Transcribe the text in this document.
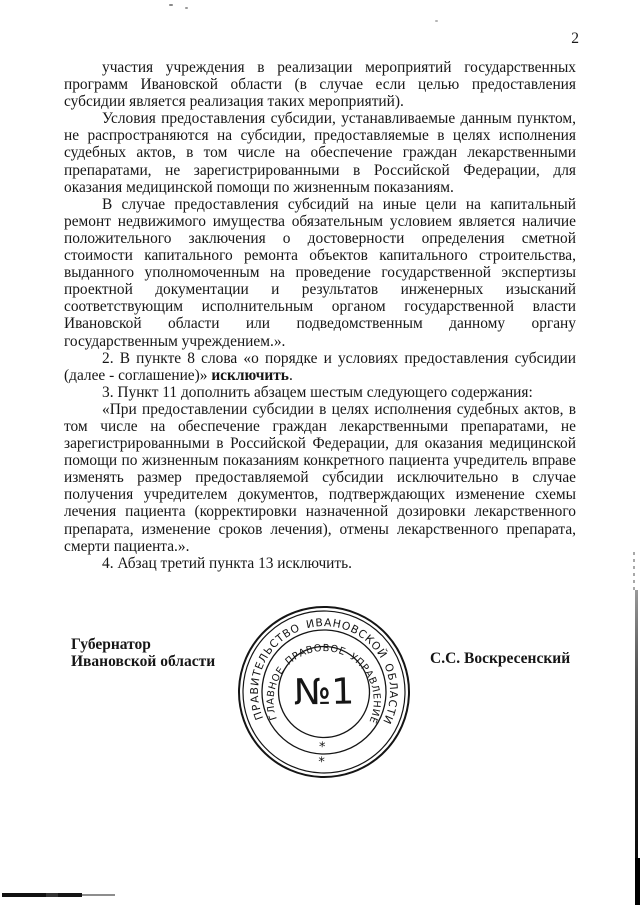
2

участия учреждения в реализации мероприятий государственных программ Ивановской области (в случае если целью предоставления субсидии является реализация таких мероприятий).

Условия предоставления субсидии, устанавливаемые данным пунктом, не распространяются на субсидии, предоставляемые в целях исполнения судебных актов, в том числе на обеспечение граждан лекарственными препаратами, не зарегистрированными в Российской Федерации, для оказания медицинской помощи по жизненным показаниям.

В случае предоставления субсидий на иные цели на капитальный ремонт недвижимого имущества обязательным условием является наличие положительного заключения о достоверности определения сметной стоимости капитального ремонта объектов капитального строительства, выданного уполномоченным на проведение государственной экспертизы проектной документации и результатов инженерных изысканий соответствующим исполнительным органом государственной власти Ивановской области или подведомственным данному органу государственным учреждением.».

2. В пункте 8 слова «о порядке и условиях предоставления субсидии (далее - соглашение)» исключить.

3. Пункт 11 дополнить абзацем шестым следующего содержания:

«При предоставлении субсидии в целях исполнения судебных актов, в том числе на обеспечение граждан лекарственными препаратами, не зарегистрированными в Российской Федерации, для оказания медицинской помощи по жизненным показаниям конкретного пациента учредитель вправе изменять размер предоставляемой субсидии исключительно в случае получения учредителем документов, подтверждающих изменение схемы лечения пациента (корректировки назначенной дозировки лекарственного препарата, изменение сроков лечения), отмены лекарственного препарата, смерти пациента.».

4. Абзац третий пункта 13 исключить.

Губернатор
Ивановской области	С.С. Воскресенский
ПРАВИТЕЛЬСТВО ИВАНОВСКОЙ ОБЛАСТИ
ГЛАВНОЕ ПРАВОВОЕ УПРАВЛЕНИЕ
*
*
№1
